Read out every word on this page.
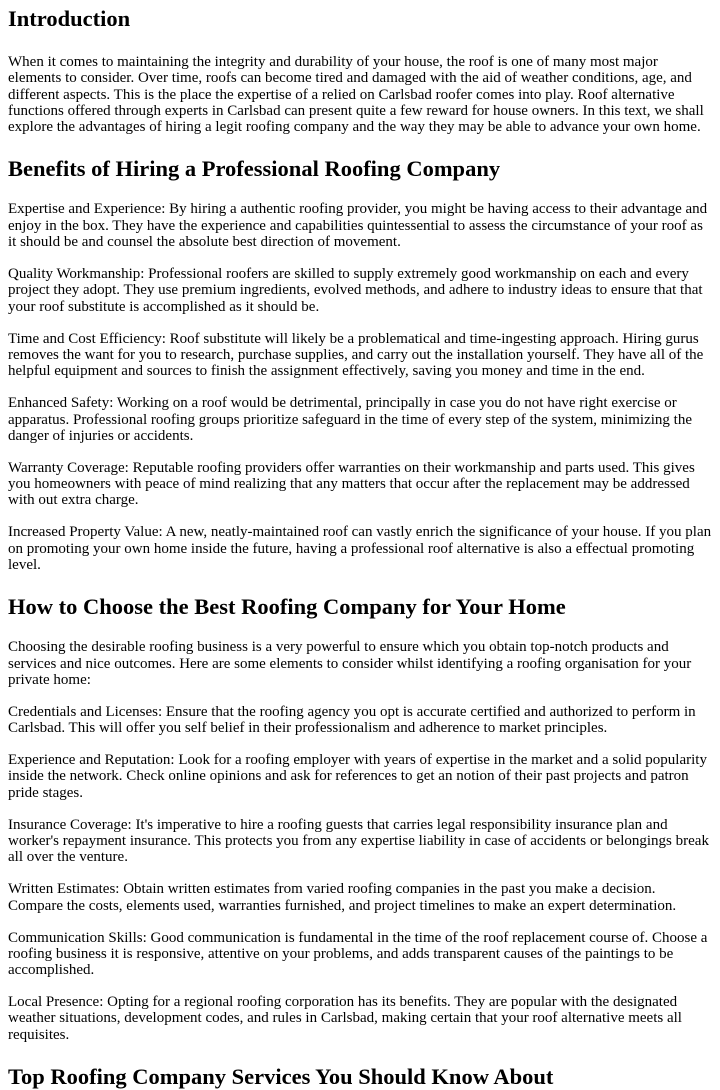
Introduction

When it comes to maintaining the integrity and durability of your house, the roof is one of many most major elements to consider. Over time, roofs can become tired and damaged with the aid of weather conditions, age, and different aspects. This is the place the expertise of a relied on Carlsbad roofer comes into play. Roof alternative functions offered through experts in Carlsbad can present quite a few reward for house owners. In this text, we shall explore the advantages of hiring a legit roofing company and the way they may be able to advance your own home.

Benefits of Hiring a Professional Roofing Company

Expertise and Experience: By hiring a authentic roofing provider, you might be having access to their advantage and enjoy in the box. They have the experience and capabilities quintessential to assess the circumstance of your roof as it should be and counsel the absolute best direction of movement.

Quality Workmanship: Professional roofers are skilled to supply extremely good workmanship on each and every project they adopt. They use premium ingredients, evolved methods, and adhere to industry ideas to ensure that that your roof substitute is accomplished as it should be.

Time and Cost Efficiency: Roof substitute will likely be a problematical and time-ingesting approach. Hiring gurus removes the want for you to research, purchase supplies, and carry out the installation yourself. They have all of the helpful equipment and sources to finish the assignment effectively, saving you money and time in the end.

Enhanced Safety: Working on a roof would be detrimental, principally in case you do not have right exercise or apparatus. Professional roofing groups prioritize safeguard in the time of every step of the system, minimizing the danger of injuries or accidents.

Warranty Coverage: Reputable roofing providers offer warranties on their workmanship and parts used. This gives you homeowners with peace of mind realizing that any matters that occur after the replacement may be addressed with out extra charge.

Increased Property Value: A new, neatly-maintained roof can vastly enrich the significance of your house. If you plan on promoting your own home inside the future, having a professional roof alternative is also a effectual promoting level.

How to Choose the Best Roofing Company for Your Home

Choosing the desirable roofing business is a very powerful to ensure which you obtain top-notch products and services and nice outcomes. Here are some elements to consider whilst identifying a roofing organisation for your private home:

Credentials and Licenses: Ensure that the roofing agency you opt is accurate certified and authorized to perform in Carlsbad. This will offer you self belief in their professionalism and adherence to market principles.

Experience and Reputation: Look for a roofing employer with years of expertise in the market and a solid popularity inside the network. Check online opinions and ask for references to get an notion of their past projects and patron pride stages.

Insurance Coverage: It's imperative to hire a roofing guests that carries legal responsibility insurance plan and worker's repayment insurance. This protects you from any expertise liability in case of accidents or belongings break all over the venture.

Written Estimates: Obtain written estimates from varied roofing companies in the past you make a decision. Compare the costs, elements used, warranties furnished, and project timelines to make an expert determination.

Communication Skills: Good communication is fundamental in the time of the roof replacement course of. Choose a roofing business it is responsive, attentive on your problems, and adds transparent causes of the paintings to be accomplished.

Local Presence: Opting for a regional roofing corporation has its benefits. They are popular with the designated weather situations, development codes, and rules in Carlsbad, making certain that your roof alternative meets all requisites.

Top Roofing Company Services You Should Know About
